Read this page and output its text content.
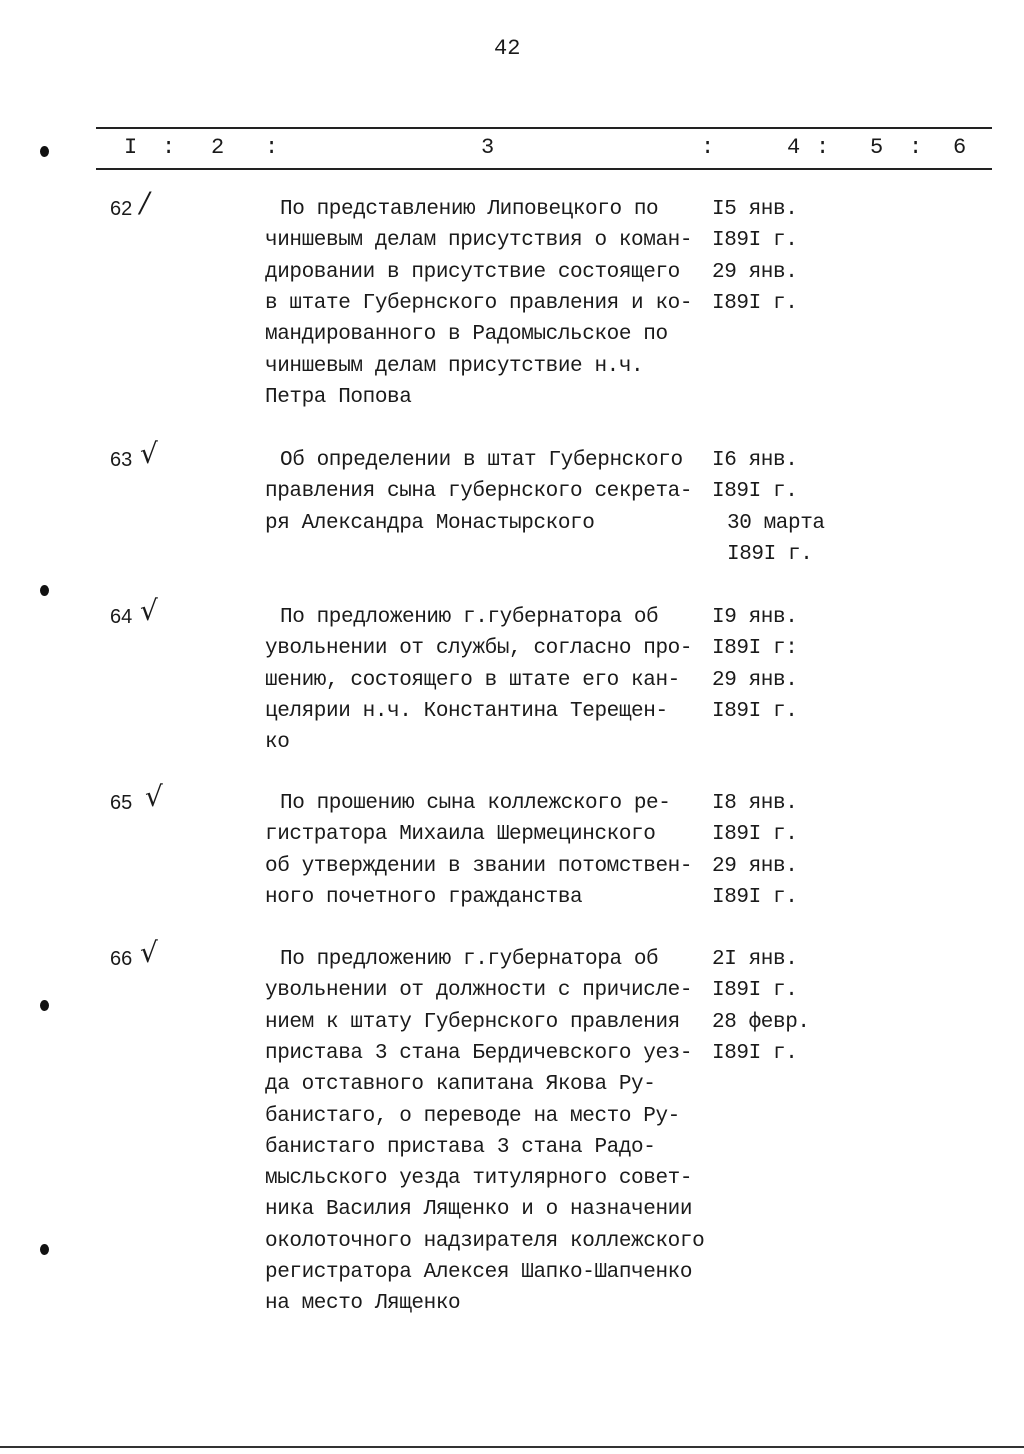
42
I : 2 :	3	:	4 : 5 : 6
62 /	По представлению Липовецкого по
чиншевым делам присутствия о коман-
дировании в присутствие состоящего
в штате Губернского правления и ко-
мандированного в Радомысльское по
чиншевым делам присутствие н.ч.
Петра Попова
I5 янв.
I89I г.
29 янв.
I89I г.
63 √	Об определении в штат Губернского
правления сына губернского секрета-
ря Александра Монастырского
I6 янв.
I89I г.
30 марта
I89I г.
64 √	По предложению г.губернатора об
увольнении от службы, согласно про-
шению, состоящего в штате его кан-
целярии н.ч. Константина Терещен-
ко
I9 янв.
I89I г:
29 янв.
I89I г.
65 √	По прошению сына коллежского ре-
гистратора Михаила Шермецинского
об утверждении в звании потомствен-
ного почетного гражданства
I8 янв.
I89I г.
29 янв.
I89I г.
66 √	По предложению г.губернатора об
увольнении от должности с причисле-
нием к штату Губернского правления
пристава 3 стана Бердичевского уез-
да отставного капитана Якова Ру-
банистаго, о переводе на место Ру-
банистаго пристава 3 стана Радо-
мысльского уезда титулярного совет-
ника Василия Лященко и о назначении
околоточного надзирателя коллежского
регистратора Алексея Шапко-Шапченко
на место Лященко
2I янв.
I89I г.
28 февр.
I89I г.
